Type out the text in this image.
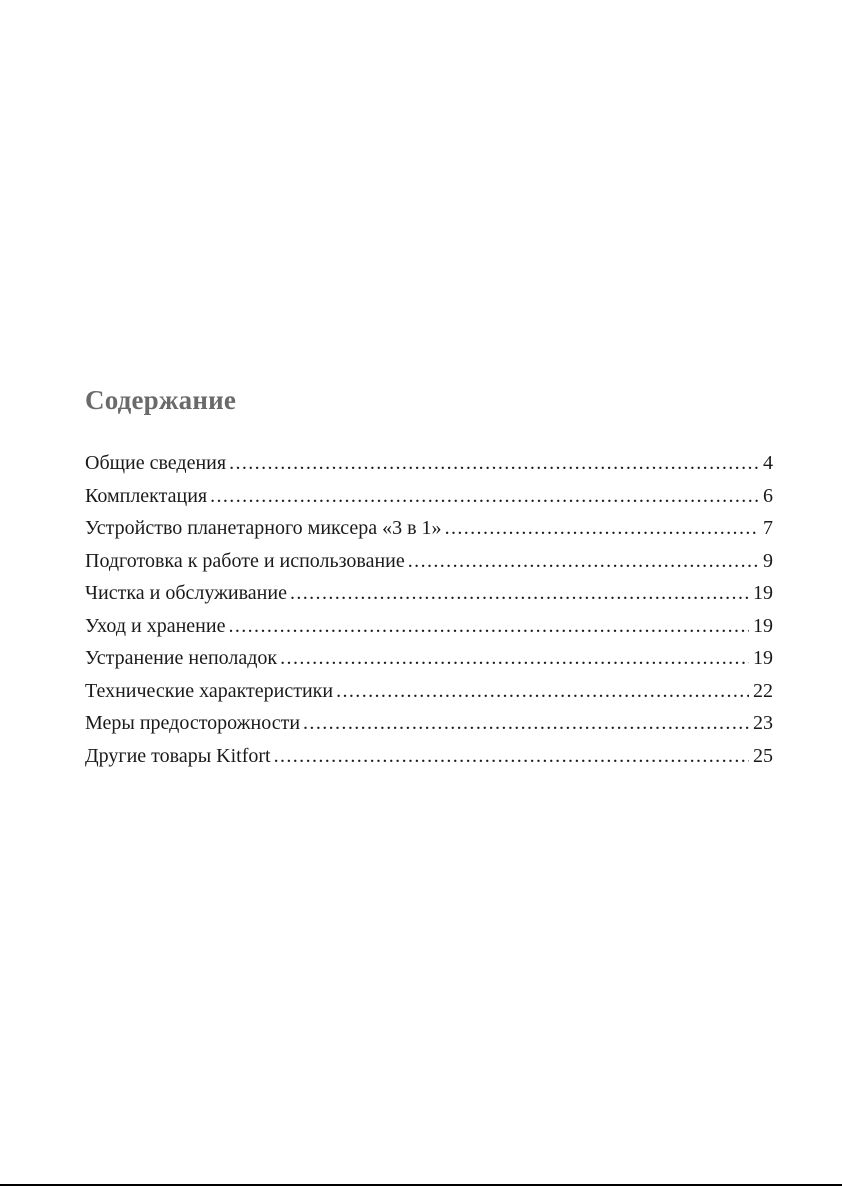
Содержание
Общие сведения .....	4
Комплектация .....	6
Устройство планетарного миксера «3 в 1» .....	7
Подготовка к работе и использование .....	9
Чистка и обслуживание .....	19
Уход и хранение .....	19
Устранение неполадок .....	19
Технические характеристики .....	22
Меры предосторожности .....	23
Другие товары Kitfort .....	25
